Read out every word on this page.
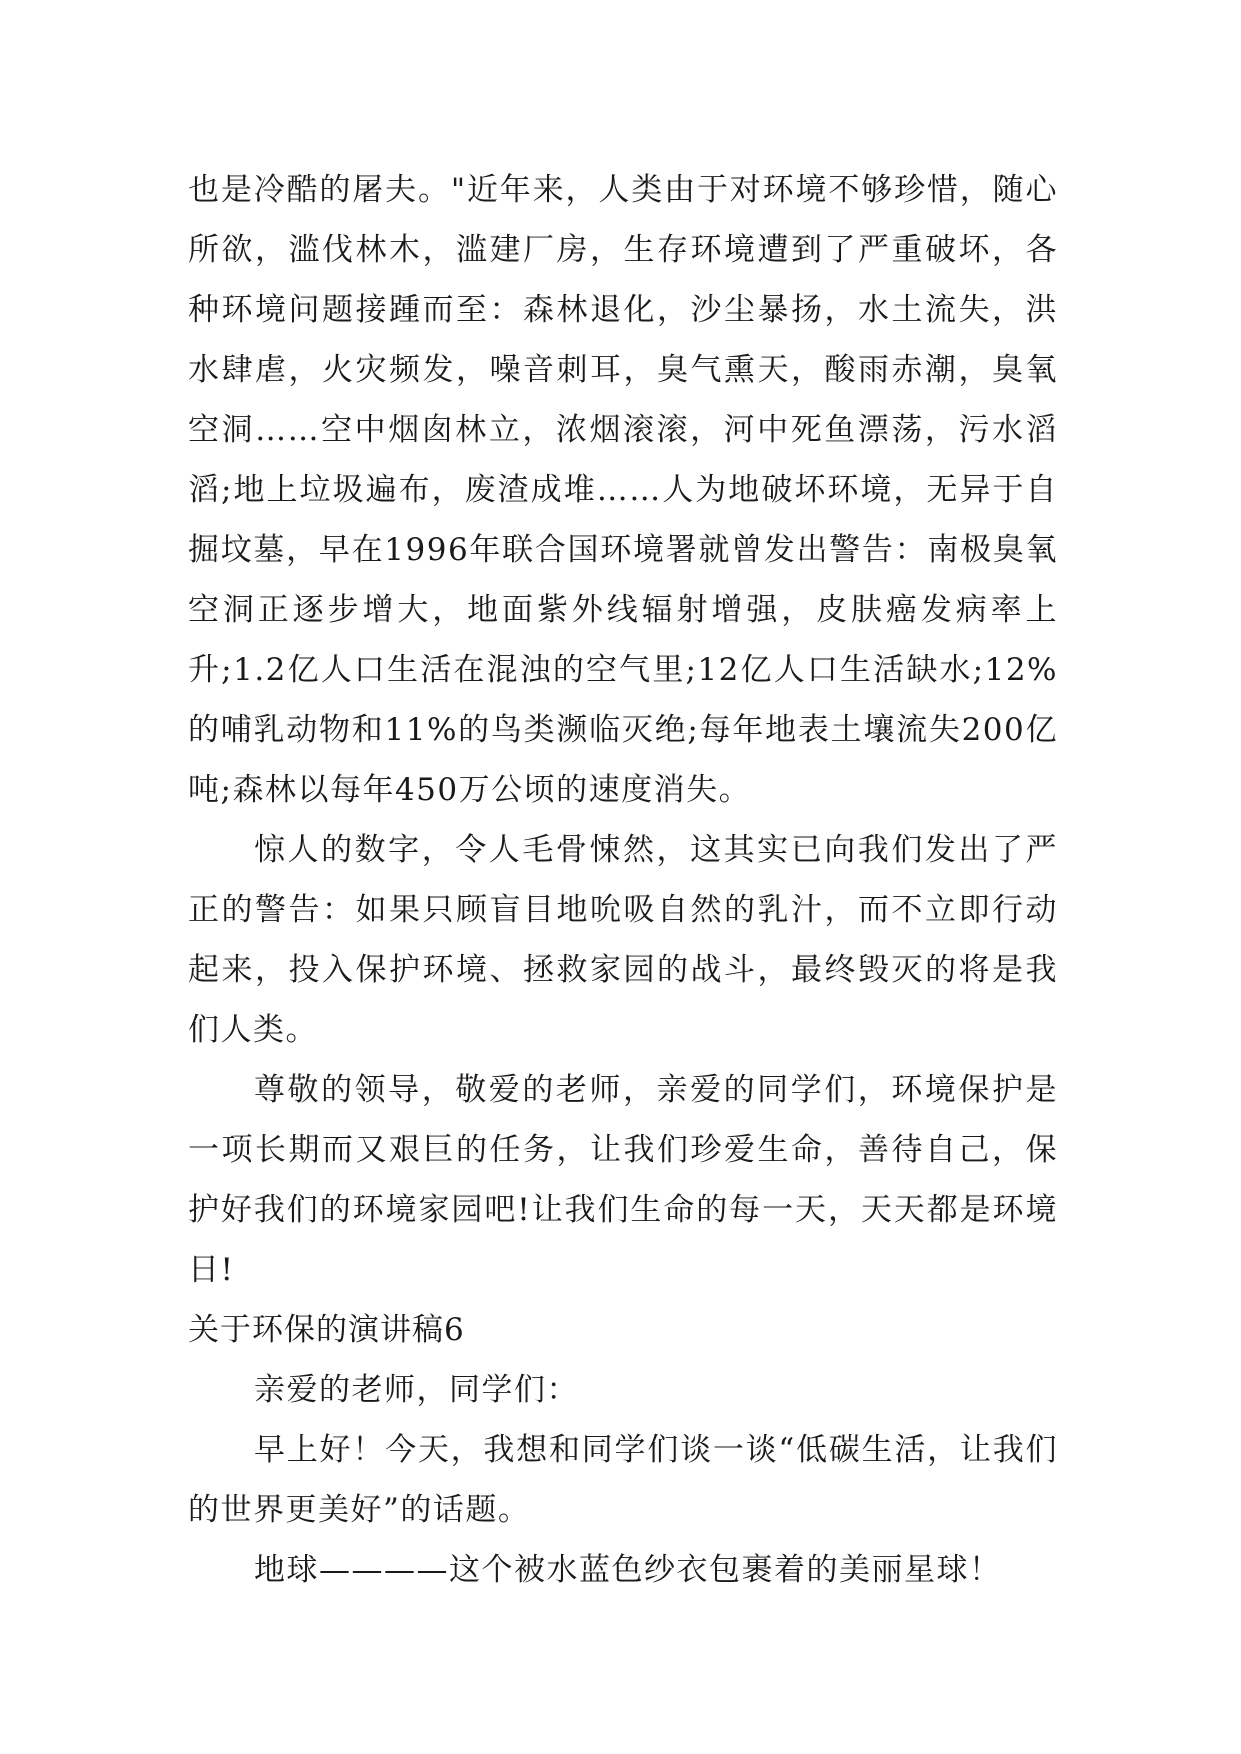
也是冷酷的屠夫。"近年来，人类由于对环境不够珍惜，随心所欲，滥伐林木，滥建厂房，生存环境遭到了严重破坏，各种环境问题接踵而至：森林退化，沙尘暴扬，水土流失，洪水肆虐，火灾频发，噪音刺耳，臭气熏天，酸雨赤潮，臭氧空洞……空中烟囱林立，浓烟滚滚，河中死鱼漂荡，污水滔滔;地上垃圾遍布，废渣成堆……人为地破坏环境，无异于自掘坟墓，早在1996年联合国环境署就曾发出警告：南极臭氧空洞正逐步增大，地面紫外线辐射增强，皮肤癌发病率上升;1.2亿人口生活在混浊的空气里;12亿人口生活缺水;12%的哺乳动物和11%的鸟类濒临灭绝;每年地表土壤流失200亿吨;森林以每年450万公顷的速度消失。

惊人的数字，令人毛骨悚然，这其实已向我们发出了严正的警告：如果只顾盲目地吮吸自然的乳汁，而不立即行动起来，投入保护环境、拯救家园的战斗，最终毁灭的将是我们人类。

尊敬的领导，敬爱的老师，亲爱的同学们，环境保护是一项长期而又艰巨的任务，让我们珍爱生命，善待自己，保护好我们的环境家园吧!让我们生命的每一天，天天都是环境日!

关于环保的演讲稿6

亲爱的老师，同学们：

早上好！今天，我想和同学们谈一谈“低碳生活，让我们的世界更美好”的话题。

地球————这个被水蓝色纱衣包裹着的美丽星球！
